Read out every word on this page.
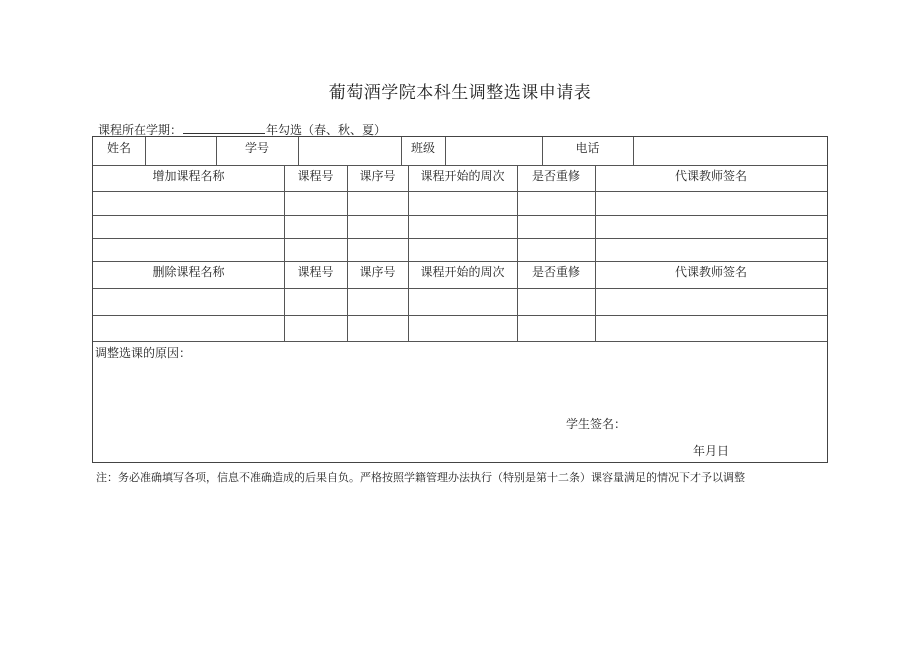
葡萄酒学院本科生调整选课申请表
课程所在学期：	年勾选（春、秋、夏）
姓名	学号	班级	电话
增加课程名称	课程号	课序号	课程开始的周次	是否重修	代课教师签名
删除课程名称	课程号	课序号	课程开始的周次	是否重修	代课教师签名
调整选课的原因：
学生签名：
年月日
注：务必准确填写各项，信息不准确造成的后果自负。严格按照学籍管理办法执行（特别是第十二条）课容量满足的情况下才予以调整
